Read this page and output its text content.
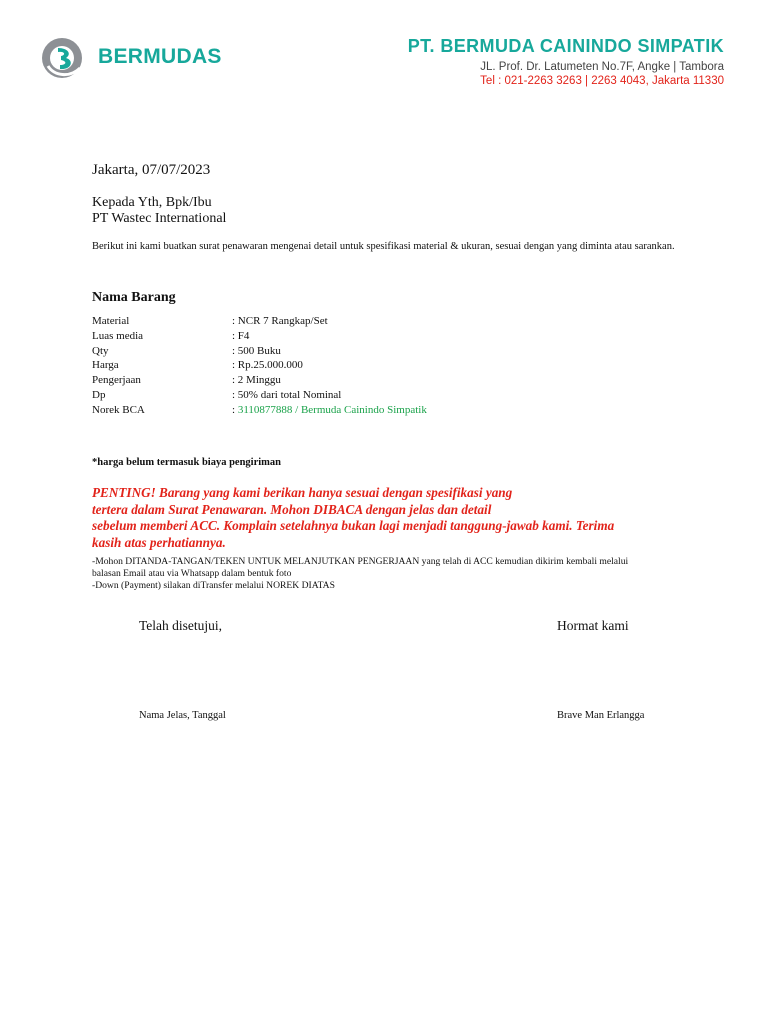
BERMUDAS	PT. BERMUDA CAININDO SIMPATIK
JL. Prof. Dr. Latumeten No.7F, Angke | Tambora
Tel : 021-2263 3263 | 2263 4043, Jakarta 11330
Jakarta, 07/07/2023
Kepada Yth, Bpk/Ibu
PT Wastec International
Berikut ini kami buatkan surat penawaran mengenai detail untuk spesifikasi material & ukuran, sesuai dengan yang diminta atau sarankan.
Nama Barang
Material	: NCR 7 Rangkap/Set
Luas media	: F4
Qty	: 500 Buku
Harga	: Rp.25.000.000
Pengerjaan	: 2 Minggu
Dp	: 50% dari total Nominal
Norek BCA	: 3110877888 / Bermuda Cainindo Simpatik
*harga belum termasuk biaya pengiriman
PENTING! Barang yang kami berikan hanya sesuai dengan spesifikasi yang
tertera dalam Surat Penawaran. Mohon DIBACA dengan jelas dan detail
sebelum memberi ACC. Komplain setelahnya bukan lagi menjadi tanggung-jawab kami. Terima
kasih atas perhatiannya.
-Mohon DITANDA-TANGAN/TEKEN UNTUK MELANJUTKAN PENGERJAAN yang telah di ACC kemudian dikirim kembali melalui
balasan Email atau via Whatsapp dalam bentuk foto
-Down (Payment) silakan diTransfer melalui NOREK DIATAS
Telah disetujui,	Hormat kami
Nama Jelas, Tanggal	Brave Man Erlangga
